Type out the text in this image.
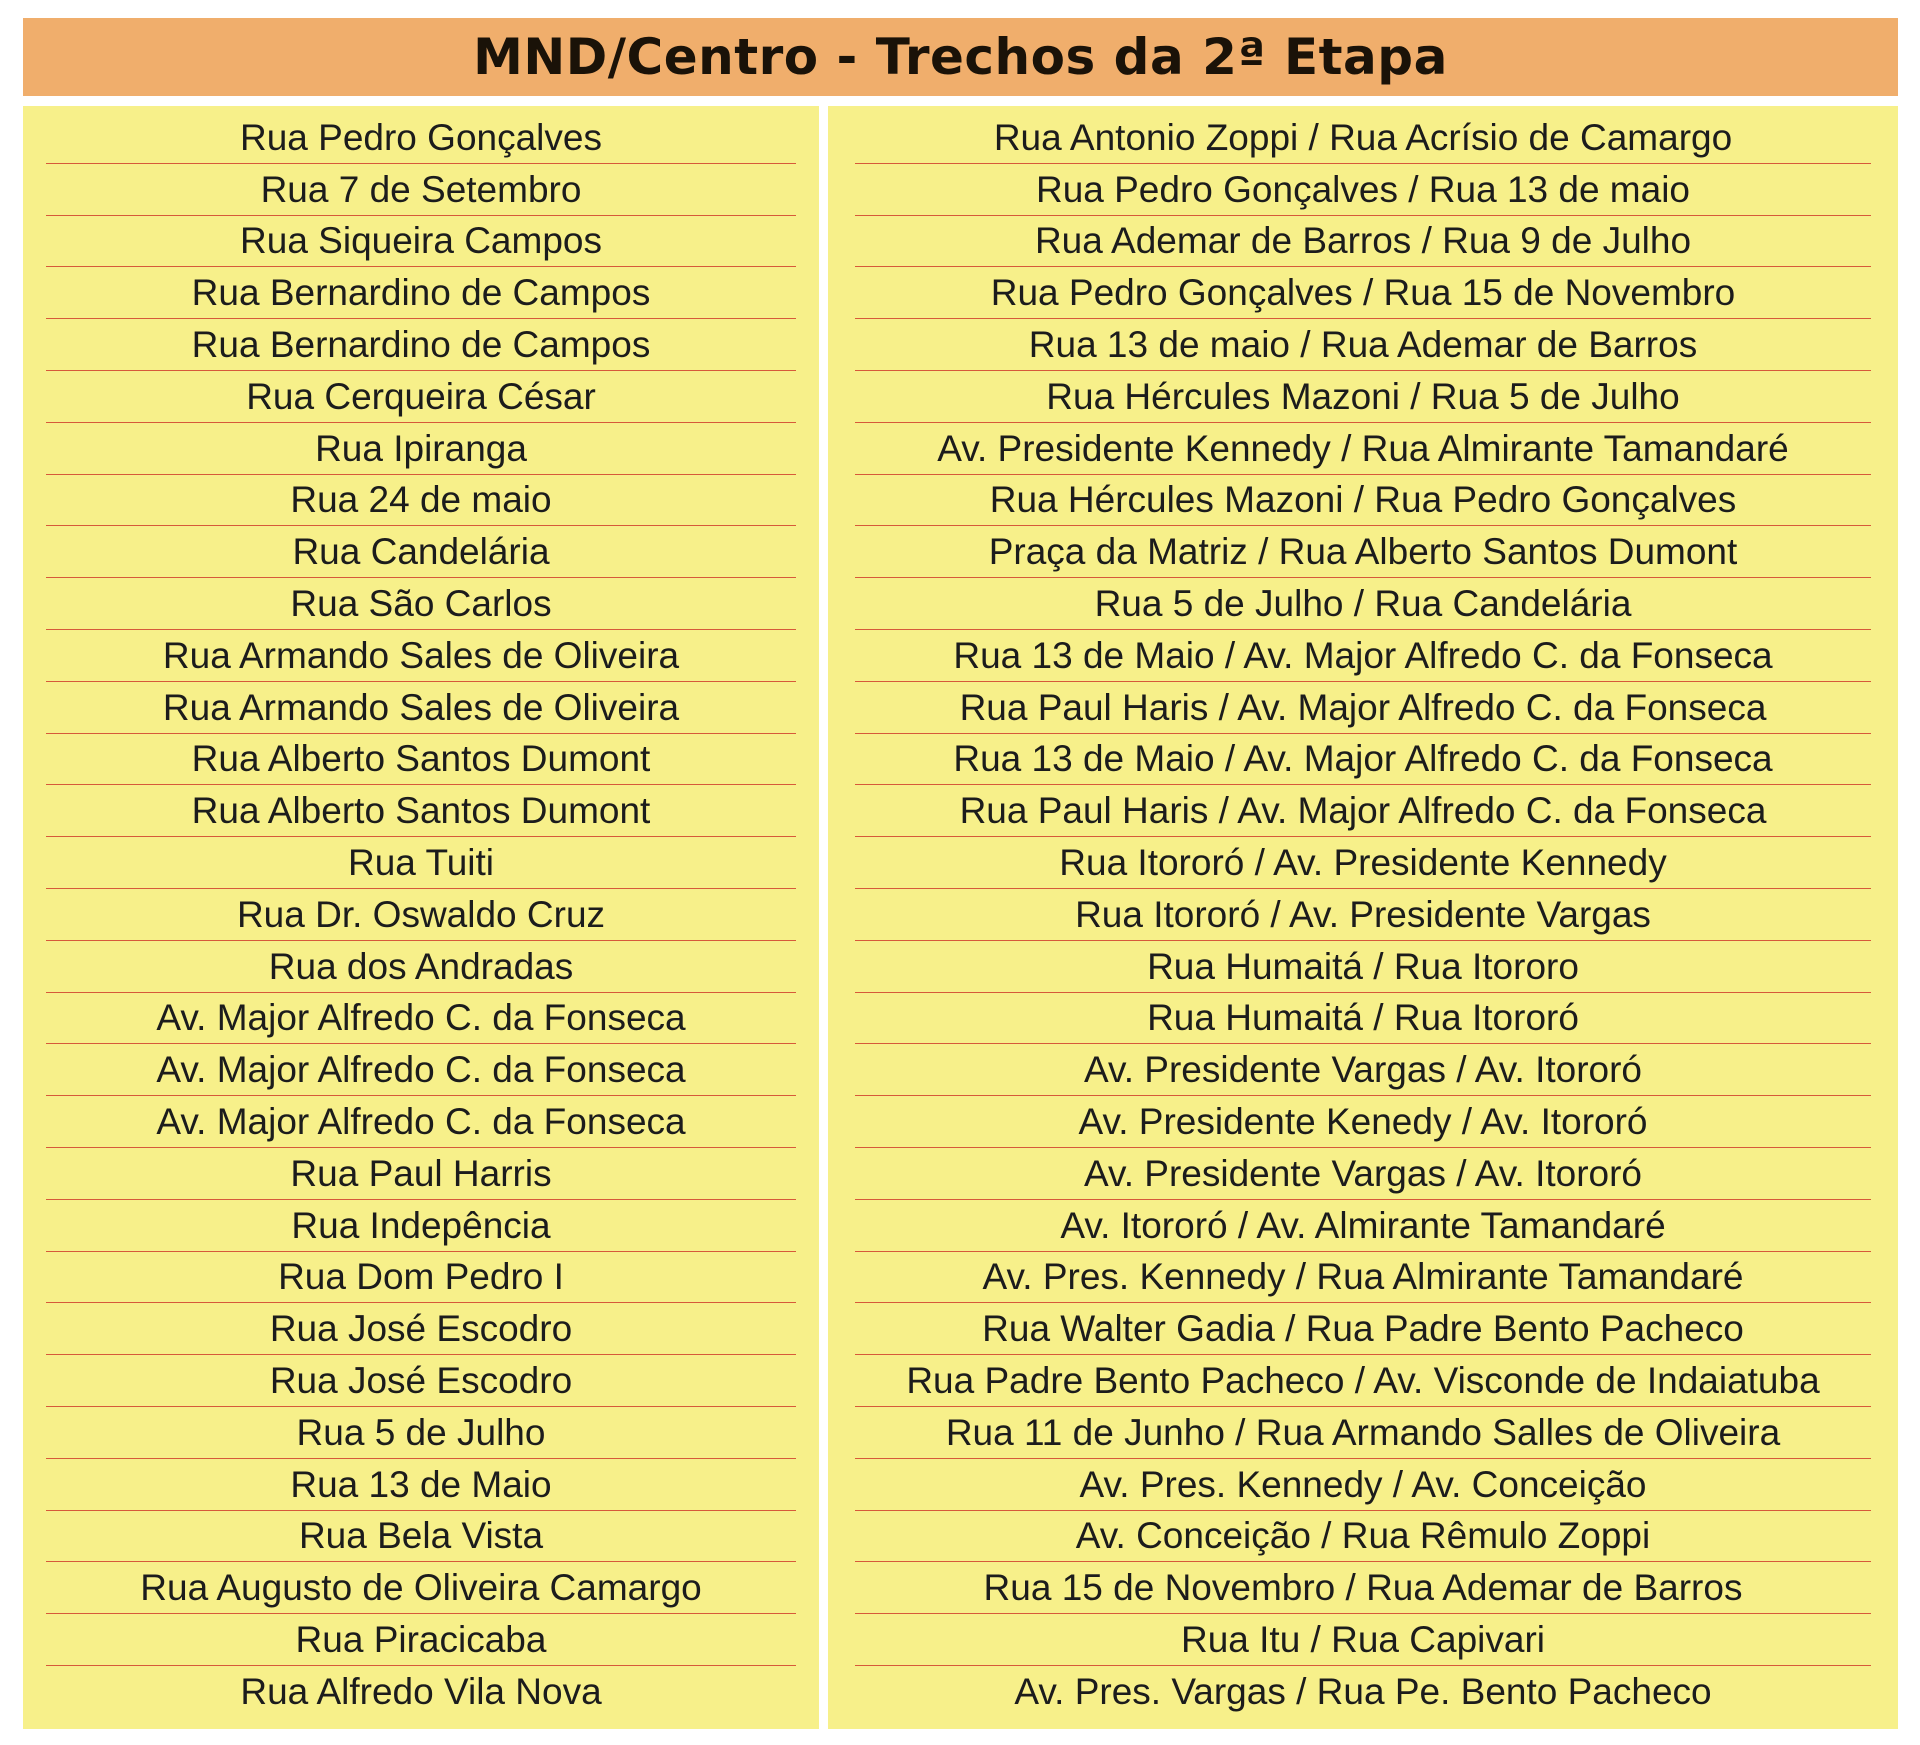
MND/Centro - Trechos da 2ª Etapa
Rua Pedro Gonçalves
Rua 7 de Setembro
Rua Siqueira Campos
Rua Bernardino de Campos
Rua Bernardino de Campos
Rua Cerqueira César
Rua Ipiranga
Rua 24 de maio
Rua Candelária
Rua São Carlos
Rua Armando Sales de Oliveira
Rua Armando Sales de Oliveira
Rua Alberto Santos Dumont
Rua Alberto Santos Dumont
Rua Tuiti
Rua Dr. Oswaldo Cruz
Rua dos Andradas
Av. Major Alfredo C. da Fonseca
Av. Major Alfredo C. da Fonseca
Av. Major Alfredo C. da Fonseca
Rua Paul Harris
Rua Indepência
Rua Dom Pedro I
Rua José Escodro
Rua José Escodro
Rua 5 de Julho
Rua 13 de Maio
Rua Bela Vista
Rua Augusto de Oliveira Camargo
Rua Piracicaba
Rua Alfredo Vila Nova
Rua Antonio Zoppi / Rua Acrísio de Camargo
Rua Pedro Gonçalves / Rua 13 de maio
Rua Ademar de Barros / Rua 9 de Julho
Rua Pedro Gonçalves / Rua 15 de Novembro
Rua 13 de maio / Rua Ademar de Barros
Rua Hércules Mazoni / Rua 5 de Julho
Av. Presidente Kennedy / Rua Almirante Tamandaré
Rua Hércules Mazoni / Rua Pedro Gonçalves
Praça da Matriz / Rua Alberto Santos Dumont
Rua 5 de Julho / Rua Candelária
Rua 13 de Maio / Av. Major Alfredo C. da Fonseca
Rua Paul Haris / Av. Major Alfredo C. da Fonseca
Rua 13 de Maio / Av. Major Alfredo C. da Fonseca
Rua Paul Haris / Av. Major Alfredo C. da Fonseca
Rua Itororó / Av. Presidente Kennedy
Rua Itororó / Av. Presidente Vargas
Rua Humaitá / Rua Itororo
Rua Humaitá / Rua Itororó
Av. Presidente Vargas / Av. Itororó
Av. Presidente Kenedy / Av. Itororó
Av. Presidente Vargas / Av. Itororó
Av. Itororó / Av. Almirante Tamandaré
Av. Pres. Kennedy / Rua Almirante Tamandaré
Rua Walter Gadia / Rua Padre Bento Pacheco
Rua Padre Bento Pacheco / Av. Visconde de Indaiatuba
Rua 11 de Junho / Rua Armando Salles de Oliveira
Av. Pres. Kennedy / Av. Conceição
Av. Conceição / Rua Rêmulo Zoppi
Rua 15 de Novembro / Rua Ademar de Barros
Rua Itu / Rua Capivari
Av. Pres. Vargas / Rua Pe. Bento Pacheco
